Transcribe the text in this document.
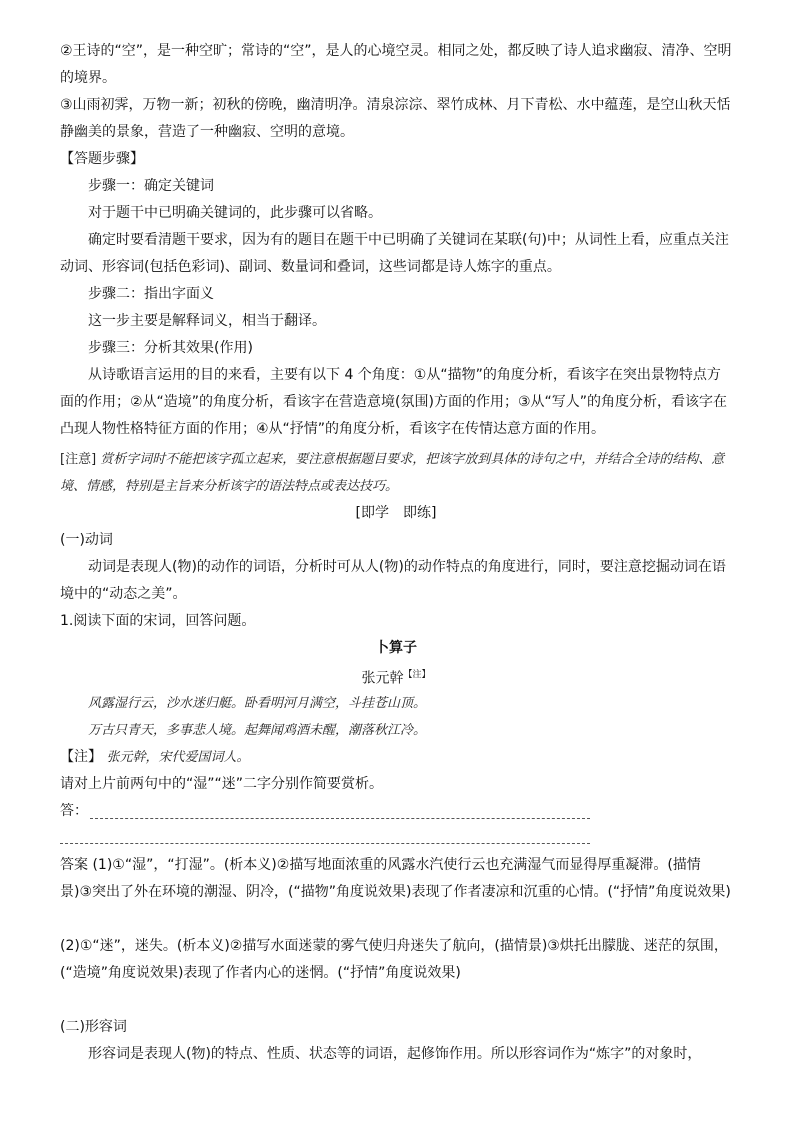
②王诗的“空”，是一种空旷；常诗的“空”，是人的心境空灵。相同之处，都反映了诗人追求幽寂、清净、空明的境界。

③山雨初霁，万物一新；初秋的傍晚，幽清明净。清泉淙淙、翠竹成林、月下青松、水中蕴莲，是空山秋天恬静幽美的景象，营造了一种幽寂、空明的意境。

【答题步骤】

步骤一：确定关键词

对于题干中已明确关键词的，此步骤可以省略。

确定时要看清题干要求，因为有的题目在题干中已明确了关键词在某联(句)中；从词性上看，应重点关注动词、形容词(包括色彩词)、副词、数量词和叠词，这些词都是诗人炼字的重点。

步骤二：指出字面义

这一步主要是解释词义，相当于翻译。

步骤三：分析其效果(作用)

从诗歌语言运用的目的来看，主要有以下 4 个角度：①从“描物”的角度分析，看该字在突出景物特点方面的作用；②从“造境”的角度分析，看该字在营造意境(氛围)方面的作用；③从“写人”的角度分析，看该字在凸现人物性格特征方面的作用；④从“抒情”的角度分析，看该字在传情达意方面的作用。

[注意] 赏析字词时不能把该字孤立起来，要注意根据题目要求，把该字放到具体的诗句之中，并结合全诗的结构、意境、情感，特别是主旨来分析该字的语法特点或表达技巧。

[即学　即练]

(一)动词

动词是表现人(物)的动作的词语，分析时可从人(物)的动作特点的角度进行，同时，要注意挖掘动词在语境中的“动态之美”。

1.阅读下面的宋词，回答问题。

卜算子

张元幹$^{【注】}$

风露湿行云，沙水迷归艇。卧看明河月满空，斗挂苍山顶。

万古只青天，多事悲人境。起舞闻鸡酒未醒，潮落秋江冷。

【注】 张元幹，宋代爱国词人。

请对上片前两句中的“湿”“迷”二字分别作简要赏析。

答：

答案 (1)①“湿”，“打湿”。(析本义)②描写地面浓重的风露水汽使行云也充满湿气而显得厚重凝滞。(描情景)③突出了外在环境的潮湿、阴冷，(“描物”角度说效果)表现了作者凄凉和沉重的心情。(“抒情”角度说效果)

(2)①“迷”，迷失。(析本义)②描写水面迷蒙的雾气使归舟迷失了航向，(描情景)③烘托出朦胧、迷茫的氛围，(“造境”角度说效果)表现了作者内心的迷惘。(“抒情”角度说效果)

(二)形容词

形容词是表现人(物)的特点、性质、状态等的词语，起修饰作用。所以形容词作为“炼字”的对象时，
